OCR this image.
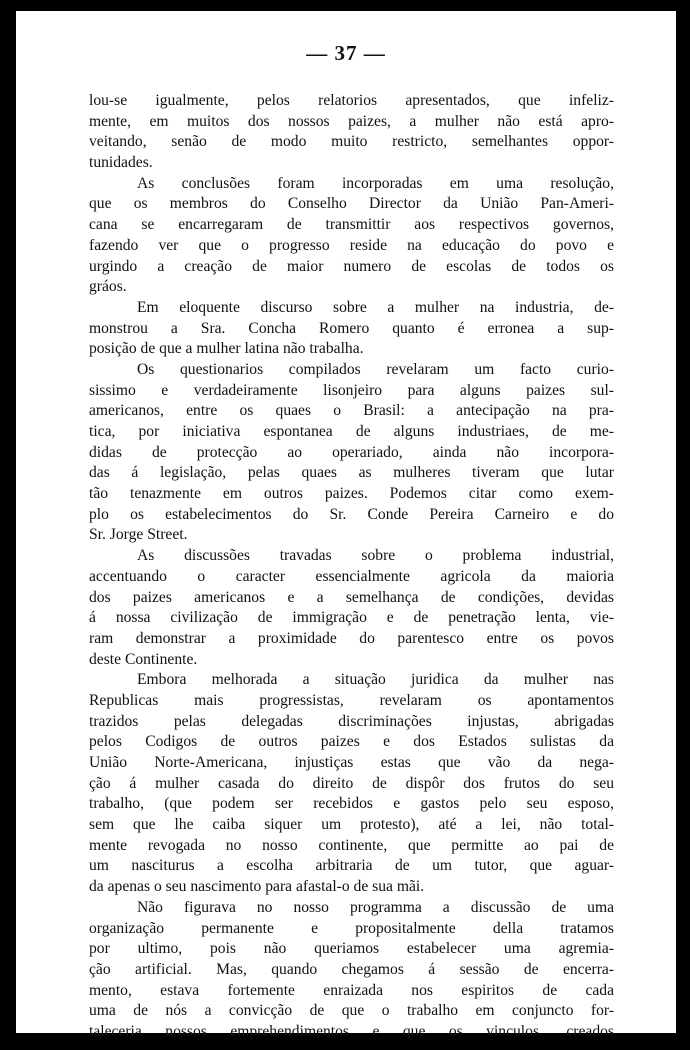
— 37 —

lou-se igualmente, pelos relatorios apresentados, que infeliz-
mente, em muitos dos nossos paizes, a mulher não está apro-
veitando, senão de modo muito restricto, semelhantes oppor-
tunidades.

As conclusões foram incorporadas em uma resolução,
que os membros do Conselho Director da União Pan-Ameri-
cana se encarregaram de transmittir aos respectivos governos,
fazendo ver que o progresso reside na educação do povo e
urgindo a creação de maior numero de escolas de todos os
gráos.

Em eloquente discurso sobre a mulher na industria, de-
monstrou a Sra. Concha Romero quanto é erronea a sup-
posição de que a mulher latina não trabalha.

Os questionarios compilados revelaram um facto curio-
sissimo e verdadeiramente lisonjeiro para alguns paizes sul-
americanos, entre os quaes o Brasil: a antecipação na pra-
tica, por iniciativa espontanea de alguns industriaes, de me-
didas de protecção ao operariado, ainda não incorpora-
das á legislação, pelas quaes as mulheres tiveram que lutar
tão tenazmente em outros paizes. Podemos citar como exem-
plo os estabelecimentos do Sr. Conde Pereira Carneiro e do
Sr. Jorge Street.

As discussões travadas sobre o problema industrial,
accentuando o caracter essencialmente agricola da maioria
dos paizes americanos e a semelhança de condições, devidas
á nossa civilização de immigração e de penetração lenta, vie-
ram demonstrar a proximidade do parentesco entre os povos
deste Continente.

Embora melhorada a situação juridica da mulher nas
Republicas mais progressistas, revelaram os apontamentos
trazidos pelas delegadas discriminações injustas, abrigadas
pelos Codigos de outros paizes e dos Estados sulistas da
União Norte-Americana, injustiças estas que vão da nega-
ção á mulher casada do direito de dispôr dos frutos do seu
trabalho, (que podem ser recebidos e gastos pelo seu esposo,
sem que lhe caiba siquer um protesto), até a lei, não total-
mente revogada no nosso continente, que permitte ao pai de
um nasciturus a escolha arbitraria de um tutor, que aguar-
da apenas o seu nascimento para afastal-o de sua mãi.

Não figurava no nosso programma a discussão de uma
organização permanente e propositalmente della tratamos
por ultimo, pois não queriamos estabelecer uma agremia-
ção artificial. Mas, quando chegamos á sessão de encerra-
mento, estava fortemente enraizada nos espiritos de cada
uma de nós a convicção de que o trabalho em conjuncto for-
taleceria nossos emprehendimentos e que os vinculos, creados
